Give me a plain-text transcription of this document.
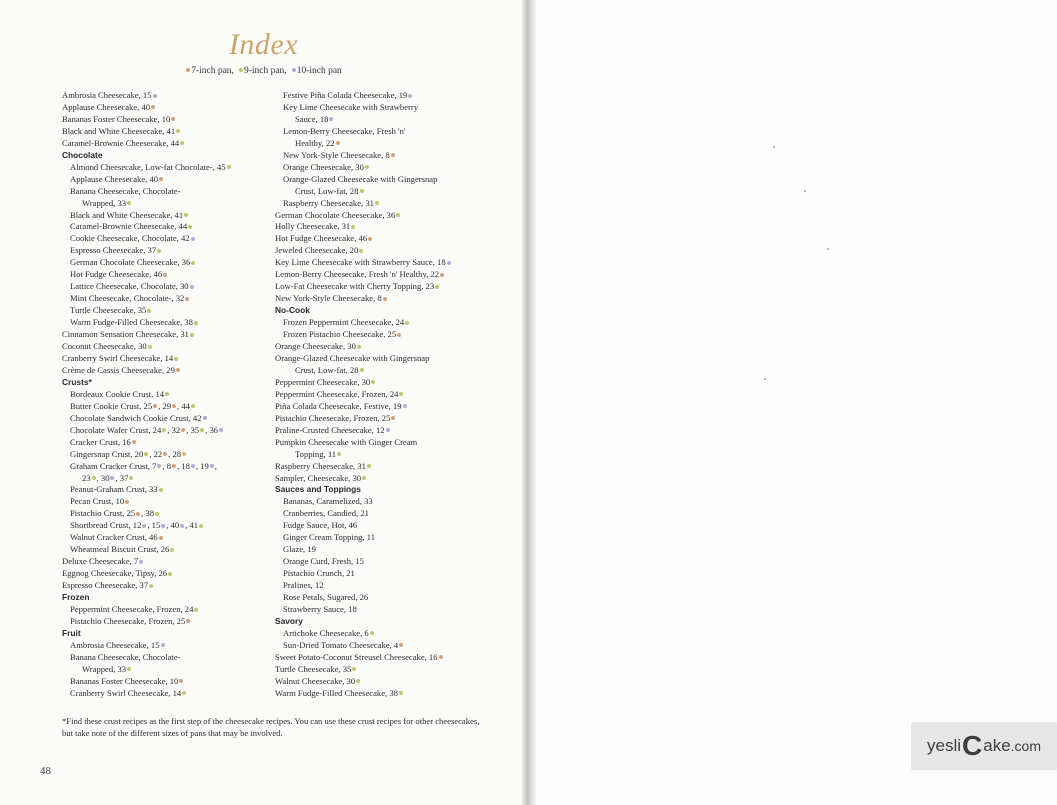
Index
7-inch pan, 9-inch pan, 10-inch pan
Ambrosia Cheesecake, 15
Applause Cheesecake, 40
Bananas Foster Cheesecake, 10
Black and White Cheesecake, 41
Caramel-Brownie Cheesecake, 44
Chocolate
Almond Cheesecake, Low-fat Chocolate-, 45
Applause Cheesecake, 40
Banana Cheesecake, Chocolate-
Wrapped, 33
Black and White Cheesecake, 41
Caramel-Brownie Cheesecake, 44
Cookie Cheesecake, Chocolate, 42
Espresso Cheesecake, 37
German Chocolate Cheesecake, 36
Hot Fudge Cheesecake, 46
Lattice Cheesecake, Chocolate, 30
Mint Cheesecake, Chocolate-, 32
Turtle Cheesecake, 35
Warm Fudge-Filled Cheesecake, 38
Cinnamon Sensation Cheesecake, 31
Coconut Cheesecake, 30
Cranberry Swirl Cheesecake, 14
Crème de Cassis Cheesecake, 29
Crusts*
Bordeaux Cookie Crust, 14
Butter Cookie Crust, 25 , 29 , 44
Chocolate Sandwich Cookie Crust, 42
Chocolate Wafer Crust, 24 , 32 , 35 , 36
Cracker Crust, 16
Gingersnap Crust, 20 , 22 , 28
Graham Cracker Crust, 7 , 8 , 18 , 19 ,
23 , 30 , 37
Peanut-Graham Crust, 33
Pecan Crust, 10
Pistachio Crust, 25 , 38
Shortbread Crust, 12 , 15 , 40 , 41
Walnut Cracker Crust, 46
Wheatmeal Biscuit Crust, 26
Deluxe Cheesecake, 7
Eggnog Cheesecake, Tipsy, 26
Espresso Cheesecake, 37
Frozen
Peppermint Cheesecake, Frozen, 24
Pistachio Cheesecake, Frozen, 25
Fruit
Ambrosia Cheesecake, 15
Banana Cheesecake, Chocolate-
Wrapped, 33
Bananas Foster Cheesecake, 10
Cranberry Swirl Cheesecake, 14
Festive Piña Colada Cheesecake, 19
Key Lime Cheesecake with Strawberry
Sauce, 18
Lemon-Berry Cheesecake, Fresh 'n'
Healthy, 22
New York-Style Cheesecake, 8
Orange Cheesecake, 30
Orange-Glazed Cheesecake with Gingersnap
Crust, Low-fat, 28
Raspberry Cheesecake, 31
German Chocolate Cheesecake, 36
Holly Cheesecake, 31
Hot Fudge Cheesecake, 46
Jeweled Cheesecake, 20
Key Lime Cheesecake with Strawberry Sauce, 18
Lemon-Berry Cheesecake, Fresh 'n' Healthy, 22
Low-Fat Cheesecake with Cherry Topping, 23
New York-Style Cheesecake, 8
No-Cook
Frozen Peppermint Cheesecake, 24
Frozen Pistachio Cheesecake, 25
Orange Cheesecake, 30
Orange-Glazed Cheesecake with Gingersnap
Crust, Low-fat, 28
Peppermint Cheesecake, 30
Peppermint Cheesecake, Frozen, 24
Piña Colada Cheesecake, Festive, 19
Pistachio Cheesecake, Frozen, 25
Praline-Crusted Cheesecake, 12
Pumpkin Cheesecake with Ginger Cream
Topping, 11
Raspberry Cheesecake, 31
Sampler, Cheesecake, 30
Sauces and Toppings
Bananas, Caramelized, 33
Cranberries, Candied, 21
Fudge Sauce, Hot, 46
Ginger Cream Topping, 11
Glaze, 19
Orange Curd, Fresh, 15
Pistachio Crunch, 21
Pralines, 12
Rose Petals, Sugared, 26
Strawberry Sauce, 18
Savory
Artichoke Cheesecake, 6
Sun-Dried Tomato Cheesecake, 4
Sweet Potato-Coconut Streusel Cheesecake, 16
Turtle Cheesecake, 35
Walnut Cheesecake, 30
Warm Fudge-Filled Cheesecake, 38
*Find these crust recipes as the first step of the cheesecake recipes. You can use these crust recipes for other cheesecakes, but take note of the different sizes of pans that may be involved.
48
yesli C ake .com
